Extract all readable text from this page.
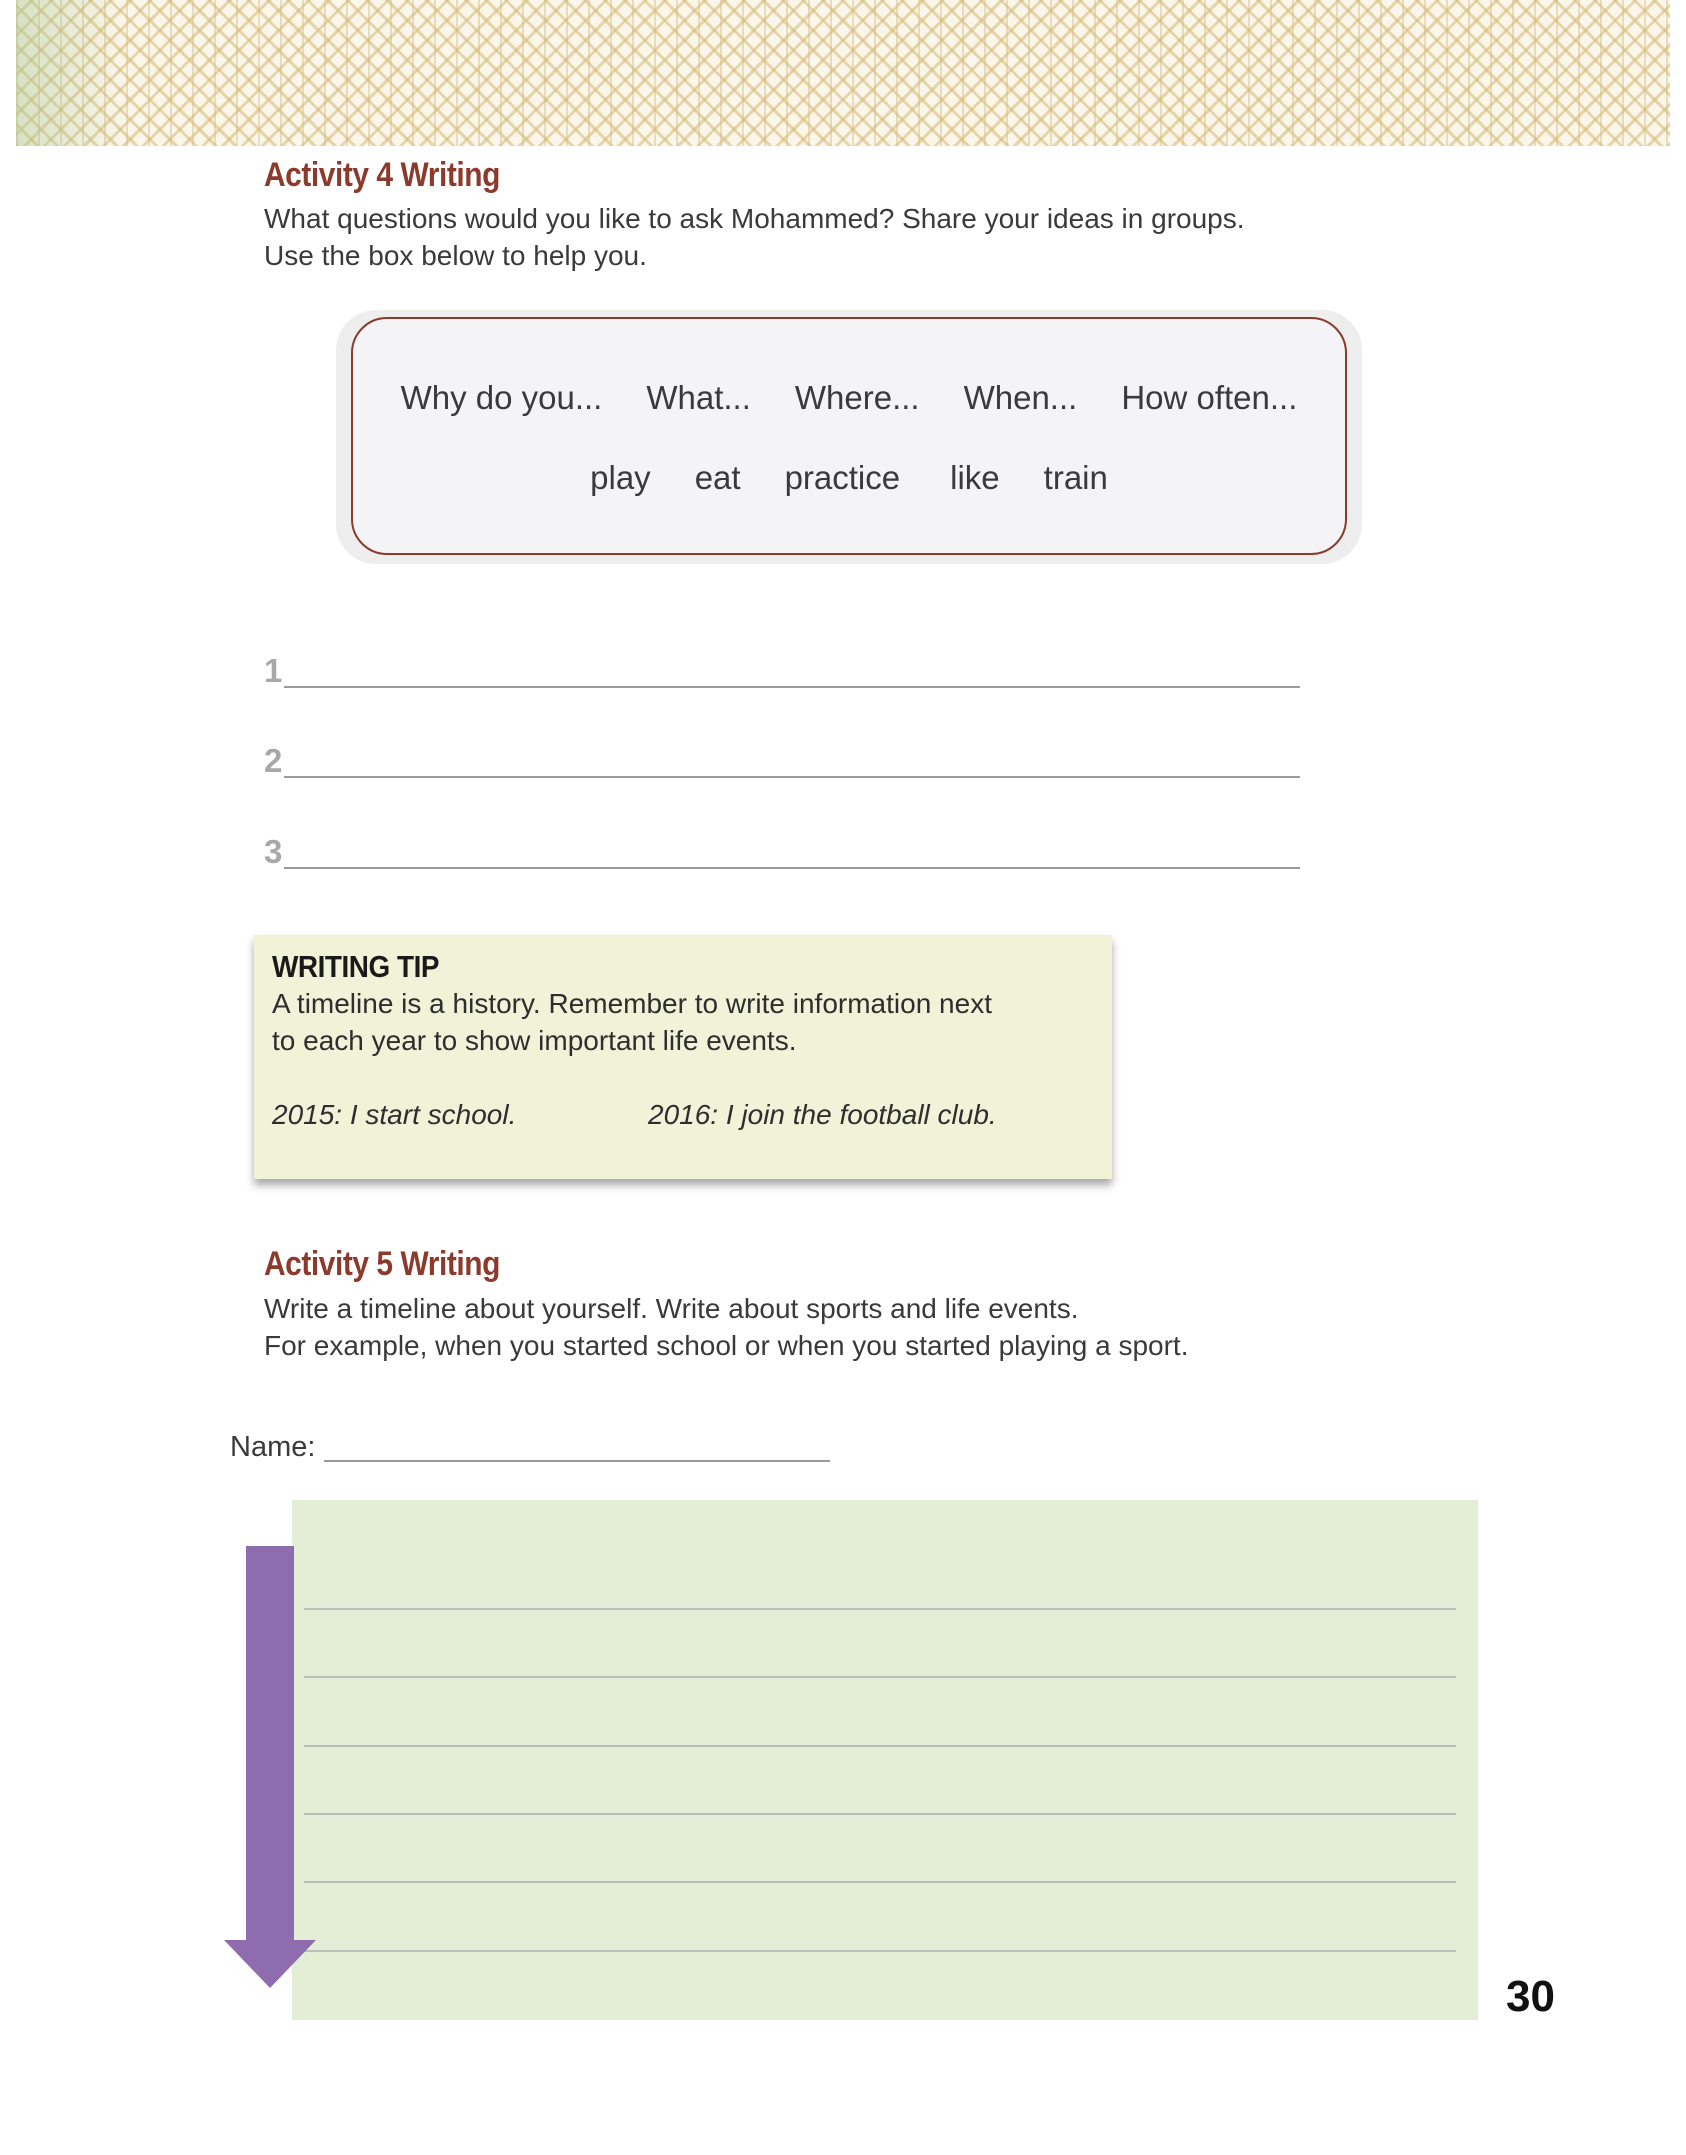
Activity 4 Writing

What questions would you like to ask Mohammed? Share your ideas in groups.

Use the box below to help you.

Why do you... What... Where... When... How often...
play eat practice like train
1
2
3
WRITING TIP
A timeline is a history. Remember to write information next
to each year to show important life events.
2015: I start school.	2016: I join the football club.
Activity 5 Writing

Write a timeline about yourself. Write about sports and life events.

For example, when you started school or when you started playing a sport.

Name:
30
